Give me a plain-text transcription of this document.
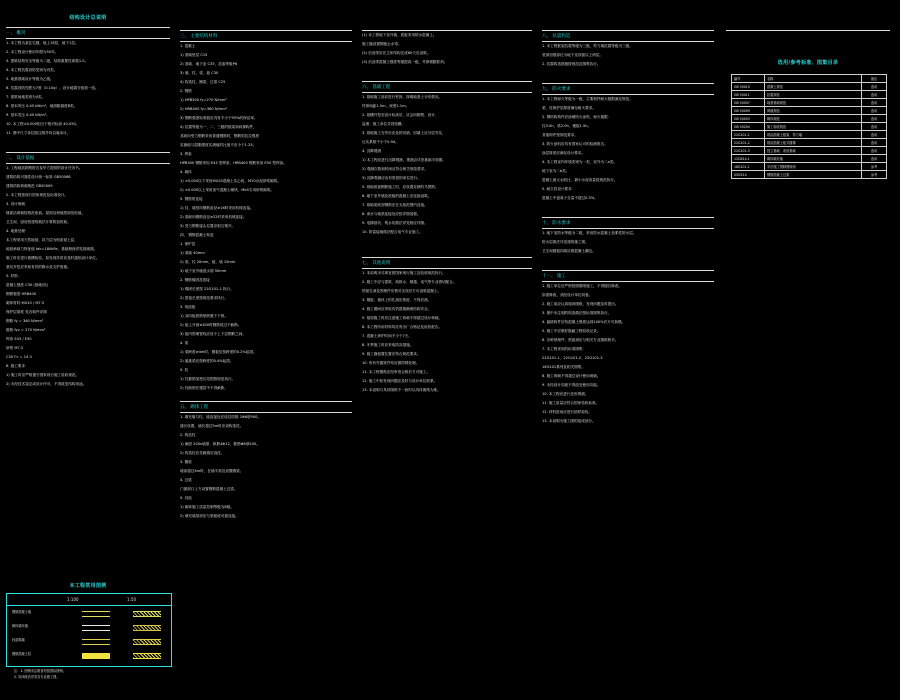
结构设计总说明
一、 概况
1. 本工程为某住宅楼，地上18层，地下1层。
2. 本工程设计使用年限为50年。
3. 建筑结构安全等级为二级，结构重要性系数1.0。
4. 本工程抗震设防类别为丙类。
5. 地基基础设计等级为乙级。
6. 抗震设防烈度为7度（0.10g），设计地震分组第一组。
7. 建筑场地类别为II类。
8. 基本风压 0.45 kN/m²，地面粗糙度B类。
9. 基本雪压 0.40 kN/m²。
10. 本工程±0.000相当于绝对标高 40.050。
11. 图中尺寸单位除注明外均以毫米计。
二、 设计依据
1. 工程地质勘察报告及甲方提供的设计任务书。
建筑结构可靠性设计统一标准 GB50068
建筑结构荷载规范 GB50009
2. 本工程按现行国家规范及标准设计。
3. 设计荷载：
楼面活荷载按规范取值，屋面活荷载按规范取值。
卫生间、厨房按建筑做法计算附加恒载。
4. 地基处理：
本工程采用天然地基，持力层为粉质黏土层，
地基承载力特征值 fak=180kPa，基础埋深详见基础图。
施工时应进行基槽检验，如发现异常应及时通知设计单位。
基坑开挖应采取有效的降水及支护措施。
5. 材料：
混凝土强度 C30 (基础/柱)
钢筋强度 HRB400
砌体材料 MU10 / M7.5
保护层厚度 见各构件详图
钢筋 fy = 360 N/mm²
箍筋 fyv = 270 N/mm²
焊条 E43 / E50
砂浆 M7.5
C30 f'c = 14.3
6. 施工要求：
1) 施工时应严格遵守国家现行施工验收规范。
2) 未经技术鉴定或设计许可，不得改变结构用途。
本工程常用图例
1:100	1:50
钢筋混凝土墙
砌体填充墙
轻质隔墙
钢筋混凝土柱
注：1. 图例未注明者均按国标图例。
2. 具体做法详见各专业施工图。
三、 主要结构材料
1. 混凝土
1) 基础垫层 C15
2) 基础、地下室 C35，抗渗等级P6
3) 墙、柱、梁、板 C30
4) 构造柱、圈梁、过梁 C25
2. 钢筋
1) HPB300 fy=270 N/mm²
2) HRB400 fy=360 N/mm²
3) 钢筋强度标准值应具有不小于95%的保证率。
4) 抗震等级为一、二、三级的框架和斜撑构件，
其纵向受力钢筋采用普通钢筋时，钢筋的抗拉强度
实测值与屈服强度实测值的比值不应小于1.25。
3. 焊条
HPB300 钢筋采用 E43 型焊条，HRB400 钢筋采用 E50 型焊条。
4. 砌体
1) ±0.000以下采用MU20混凝土实心砖，M10水泥砂浆砌筑。
2) ±0.000以上采用加气混凝土砌块，Mb5专用砂浆砌筑。
5. 钢筋的连接
1) 柱、墙竖向钢筋直径≥16时采用机械连接。
2) 梁纵向钢筋直径≥22时采用机械连接。
3) 受力钢筋接头位置应相互错开。
四、 钢筋混凝土构造
1. 保护层
1) 基础 40mm
2) 梁、柱 20mm，板、墙 15mm
3) 地下室外墙迎水面 50mm
2. 钢筋锚固及搭接
1) 锚固长度按 22G101-1 执行。
2) 搭接长度按规范要求执行。
3. 现浇板
1) 双向板底筋短跨置于下排。
2) 板上开洞≤300时钢筋绕过不截断。
3) 板内预埋管线应设于上下层钢筋之间。
4. 梁
1) 梁跨度≥4m时，模板应按跨度的0.2%起拱。
2) 悬挑梁应按跨度的0.4%起拱。
5. 柱
1) 柱箍筋加密区范围按规范执行。
2) 柱纵筋在楼层中不得截断。
五、 砌体工程
1. 填充墙与柱、墙连接处应设拉结筋 2Φ6@500。
通长设置，墙长超过5m时应设构造柱。
2. 构造柱
1) 截面 200x墙厚，纵筋4Φ12，箍筋Φ6@200。
2) 构造柱应先砌墙后浇柱。
3. 圈梁
墙高超过4m时，在墙半高处设置圈梁。
4. 过梁
门窗洞口上方设置钢筋混凝土过梁。
5. 其他
1) 砌体施工质量控制等级为B级。
2) 填充墙顶部应与梁板底可靠连接。
(1) 本工程地下室外墙、底板采用防水混凝土。
施工缝设置钢板止水带。
(2) 后浇带应在主体结构完成60天后浇筑。
(3) 后浇带混凝土强度等级提高一级，并掺微膨胀剂。
六、 基础工程
1. 基础施工前应进行钎探，探明地基土分布情况。
钎探间距1.5m，深度2.1m。
2. 基槽开挖至设计标高后，应会同勘察、设计、
监理、施工单位共同验槽。
3. 基础施工完毕后应及时回填，回填土应分层夯实，
压实系数不小于0.94。
4. 沉降观测
1) 本工程应进行沉降观测，观测点详见基础平面图。
2) 观测次数和时间应符合相关规范要求。
3) 沉降观测应由有资质的单位进行。
5. 基础底板钢筋施工时，应设置足够的马凳筋。
6. 地下室外墙及底板的混凝土应连续浇筑。
7. 基础梁底部钢筋应在支座范围内连接。
8. 承台与地梁连接处应按详图加强。
9. 电梯基坑、集水坑做法详见相应详图。
10. 防雷接地做法配合电气专业施工。
七、 其他说明
1. 本说明未尽事宜按国家现行施工及验收规范执行。
2. 施工中应与建筑、给排水、暖通、电气等专业密切配合。
预留孔洞及预埋件应核对无误后方可浇筑混凝土。
3. 楼板、墙体上的孔洞应预留，不得后凿。
4. 施工期间应采取有效措施确保结构安全。
5. 屋面施工时应注意施工荷载不得超过设计荷载。
6. 本工程所用材料均应有出厂合格证及检验报告。
7. 混凝土养护时间不少于7天。
8. 冬季施工时应采取防冻措施。
9. 施工缝留置位置应符合规范要求。
10. 所有外露铁件均应做防锈处理。
11. 本工程图纸应经审查合格后方可施工。
12. 施工中如发现问题应及时与设计单位联系。
13. 本说明与具体图纸不一致时以具体图纸为准。
八、 抗震构造
1. 本工程框架抗震等级为三级，剪力墙抗震等级为三级。
底部加强部位为地下室顶板以上两层。
2. 抗震构造措施按规范及图集执行。
九、 防火要求
1. 本工程耐火等级为一级，主要构件耐火极限满足规范。
梁、柱保护层厚度满足耐火要求。
2. 钢结构构件应涂刷防火涂料，耐火极限：
柱3.0h，梁2.0h，楼板1.5h。
其他构件按规范要求。
3. 防火涂料应具有国家认可的检测报告。
涂层厚度应满足设计要求。
4. 本工程室内环境类别为一类，室外为二a类。
地下室为二b类。
混凝土最大水胶比、最小水泥用量按规范执行。
5. 耐久性设计要求：
混凝土中氯离子含量不超过0.3%。
十、 防水要求
1. 地下室防水等级为二级，采用防水混凝土加柔性防水层。
防水层做法详见建筑施工图。
卫生间楼板四周应做混凝土翻边。
十一、 施工
1. 施工单位应严格按照图纸施工，不得擅自修改。
如需修改，须经设计单位同意。
2. 施工前应认真阅读图纸，发现问题及时提出。
3. 图中未注明的构造做法按标准图集执行。
4. 悬挑构件应待混凝土强度达到100%后方可拆模。
5. 施工中应做好隐蔽工程验收记录。
6. 各种预埋件、预留洞应与相关专业图纸核对。
7. 本工程采用的标准图集：
22G101-1、22G101-2、22G101-3
16G101系列及相关图集。
8. 施工荷载不得超过设计使用荷载。
9. 未经设计同意不得改变使用功能。
10. 本工程应进行变形观测。
11. 施工质量应符合国家验收标准。
12. 材料进场应进行抽样检验。
13. 本说明为施工图的组成部分。
选用/参考标准、图集目录
编号	名称	备注
GB 50010	混凝土规范	选用
GB 50011	抗震规范	选用
GB 50007	地基基础规范	选用
GB 50009	荷载规范	选用
GB 50003	砌体规范	选用
GB 50204	施工验收规范	选用
22G101-1	现浇混凝土框架、剪力墙	选用
22G101-2	现浇混凝土板式楼梯	选用
22G101-3	独立基础、条形基础	选用
12G614-1	砌体填充墙	选用
16G101-1	平法施工图制图规则	参考
05G514	钢筋混凝土过梁	参考
